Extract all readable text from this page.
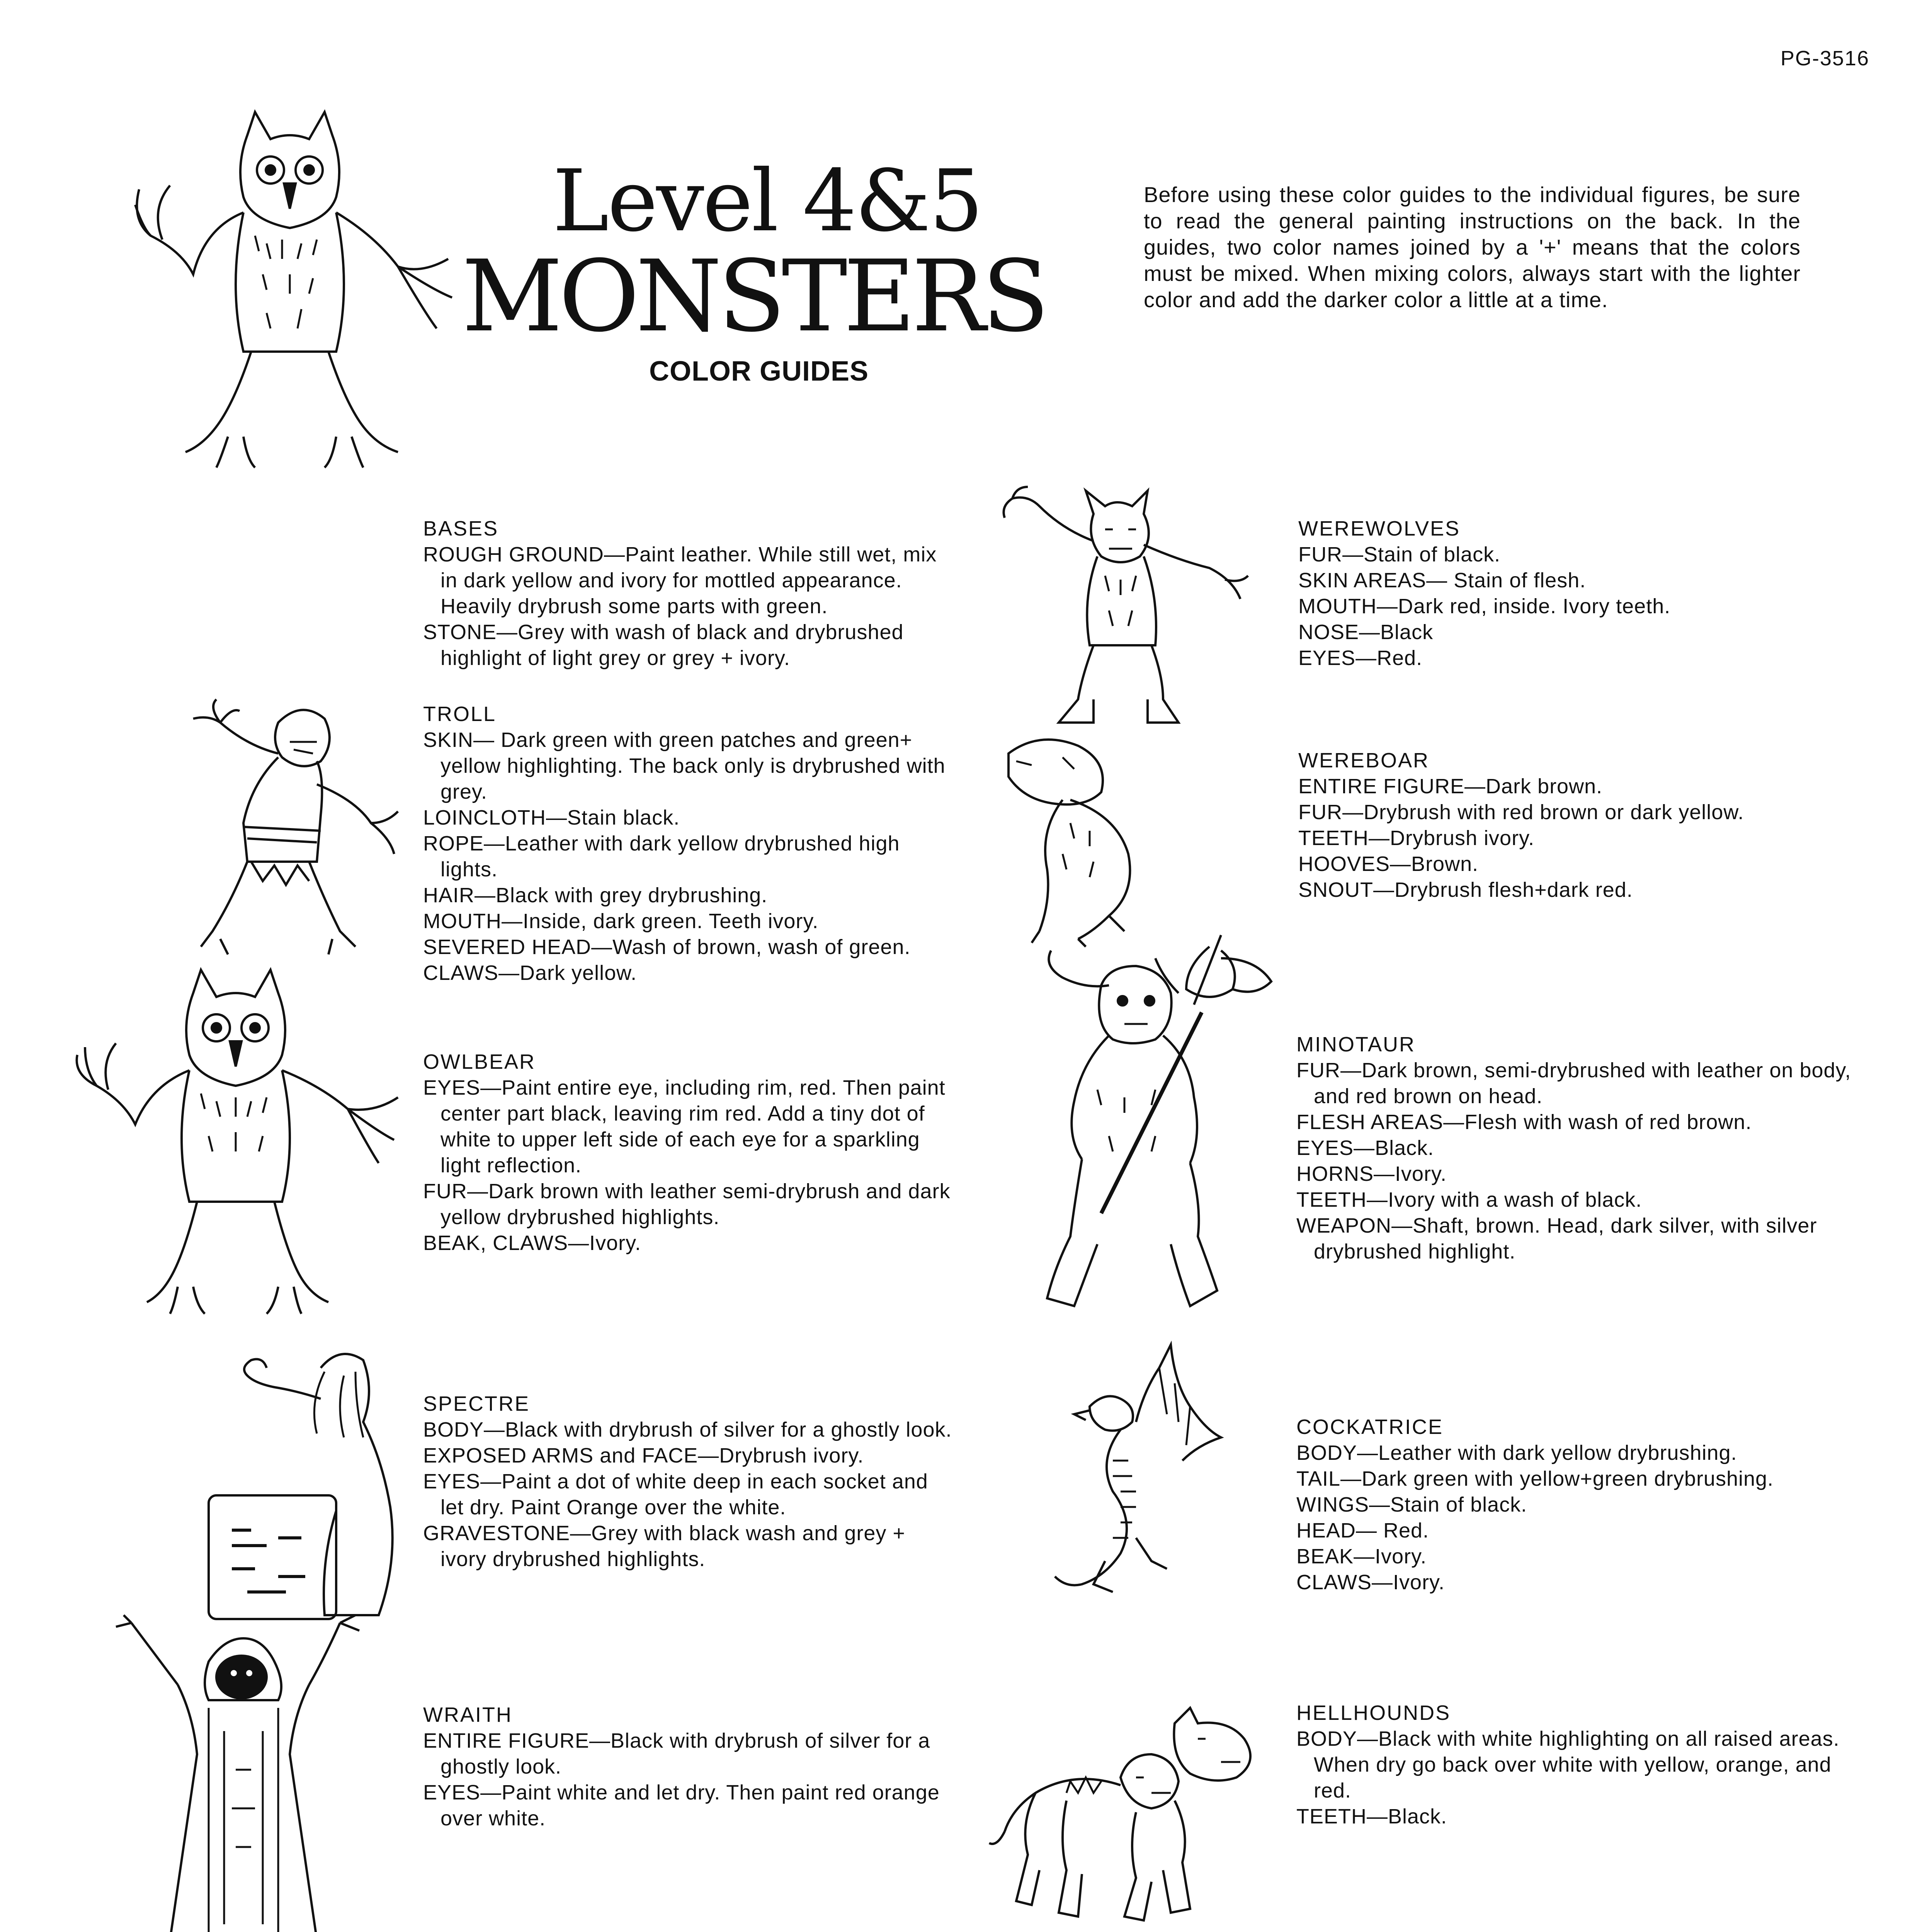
PG-3516
Level 4&5
MONSTERS
COLOR GUIDES
Before using these color guides to the individual figures, be sure to read the general painting instructions on the back. In the guides, two color names joined by a '+' means that the colors must be mixed. When mixing colors, always start with the lighter color and add the darker color a little at a time.
BASES
ROUGH GROUND—Paint leather. While still wet, mix in dark yellow and ivory for mottled appearance. Heavily drybrush some parts with green.
STONE—Grey with wash of black and drybrushed highlight of light grey or grey + ivory.
TROLL
SKIN— Dark green with green patches and green+ yellow highlighting. The back only is drybrushed with grey.
LOINCLOTH—Stain black.
ROPE—Leather with dark yellow drybrushed high lights.
HAIR—Black with grey drybrushing.
MOUTH—Inside, dark green. Teeth ivory.
SEVERED HEAD—Wash of brown, wash of green.
CLAWS—Dark yellow.
OWLBEAR
EYES—Paint entire eye, including rim, red. Then paint center part black, leaving rim red. Add a tiny dot of white to upper left side of each eye for a sparkling light reflection.
FUR—Dark brown with leather semi-drybrush and dark yellow drybrushed highlights.
BEAK, CLAWS—Ivory.
SPECTRE
BODY—Black with drybrush of silver for a ghostly look.
EXPOSED ARMS and FACE—Drybrush ivory.
EYES—Paint a dot of white deep in each socket and let dry. Paint Orange over the white.
GRAVESTONE—Grey with black wash and grey + ivory drybrushed highlights.
WRAITH
ENTIRE FIGURE—Black with drybrush of silver for a ghostly look.
EYES—Paint white and let dry. Then paint red orange over white.
WEREWOLVES
FUR—Stain of black.
SKIN AREAS— Stain of flesh.
MOUTH—Dark red, inside. Ivory teeth.
NOSE—Black
EYES—Red.
WEREBOAR
ENTIRE FIGURE—Dark brown.
FUR—Drybrush with red brown or dark yellow.
TEETH—Drybrush ivory.
HOOVES—Brown.
SNOUT—Drybrush flesh+dark red.
MINOTAUR
FUR—Dark brown, semi-drybrushed with leather on body, and red brown on head.
FLESH AREAS—Flesh with wash of red brown.
EYES—Black.
HORNS—Ivory.
TEETH—Ivory with a wash of black.
WEAPON—Shaft, brown. Head, dark silver, with silver drybrushed highlight.
COCKATRICE
BODY—Leather with dark yellow drybrushing.
TAIL—Dark green with yellow+green drybrushing.
WINGS—Stain of black.
HEAD— Red.
BEAK—Ivory.
CLAWS—Ivory.
HELLHOUNDS
BODY—Black with white highlighting on all raised areas. When dry go back over white with yellow, orange, and red.
TEETH—Black.
